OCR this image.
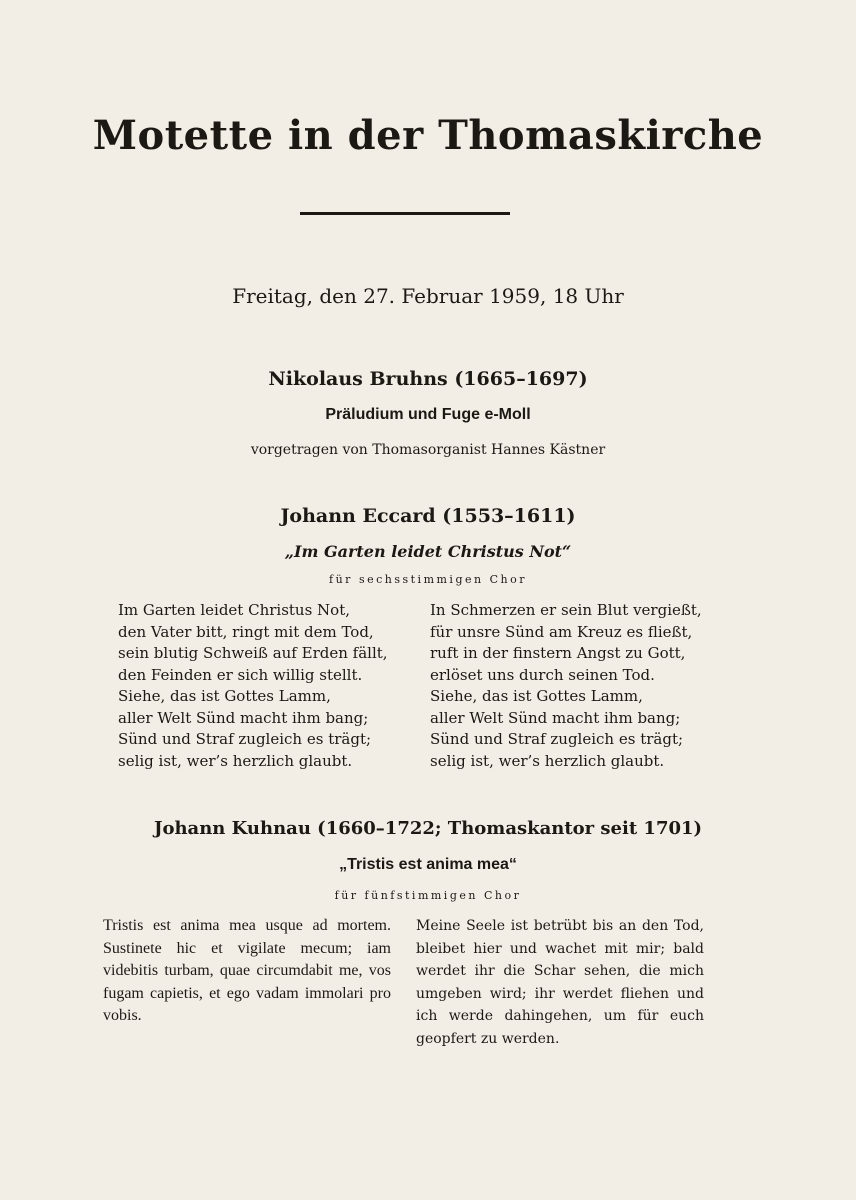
Motette in der Thomaskirche
Freitag, den 27. Februar 1959, 18 Uhr
Nikolaus Bruhns (1665–1697)
Präludium und Fuge e-Moll
vorgetragen von Thomasorganist Hannes Kästner
Johann Eccard (1553–1611)
„Im Garten leidet Christus Not“
für sechsstimmigen Chor
Im Garten leidet Christus Not,
den Vater bitt, ringt mit dem Tod,
sein blutig Schweiß auf Erden fällt,
den Feinden er sich willig stellt.
Siehe, das ist Gottes Lamm,
aller Welt Sünd macht ihm bang;
Sünd und Straf zugleich es trägt;
selig ist, wer’s herzlich glaubt.
In Schmerzen er sein Blut vergießt,
für unsre Sünd am Kreuz es fließt,
ruft in der finstern Angst zu Gott,
erlöset uns durch seinen Tod.
Siehe, das ist Gottes Lamm,
aller Welt Sünd macht ihm bang;
Sünd und Straf zugleich es trägt;
selig ist, wer’s herzlich glaubt.
Johann Kuhnau (1660–1722; Thomaskantor seit 1701)
„Tristis est anima mea“
für fünfstimmigen Chor
Tristis est anima mea usque ad mortem. Sustinete hic et vigilate mecum; iam videbitis turbam, quae circumdabit me, vos fugam capietis, et ego vadam immolari pro vobis.
Meine Seele ist betrübt bis an den Tod, bleibet hier und wachet mit mir; bald werdet ihr die Schar sehen, die mich umgeben wird; ihr werdet fliehen und ich werde dahingehen, um für euch geopfert zu werden.
